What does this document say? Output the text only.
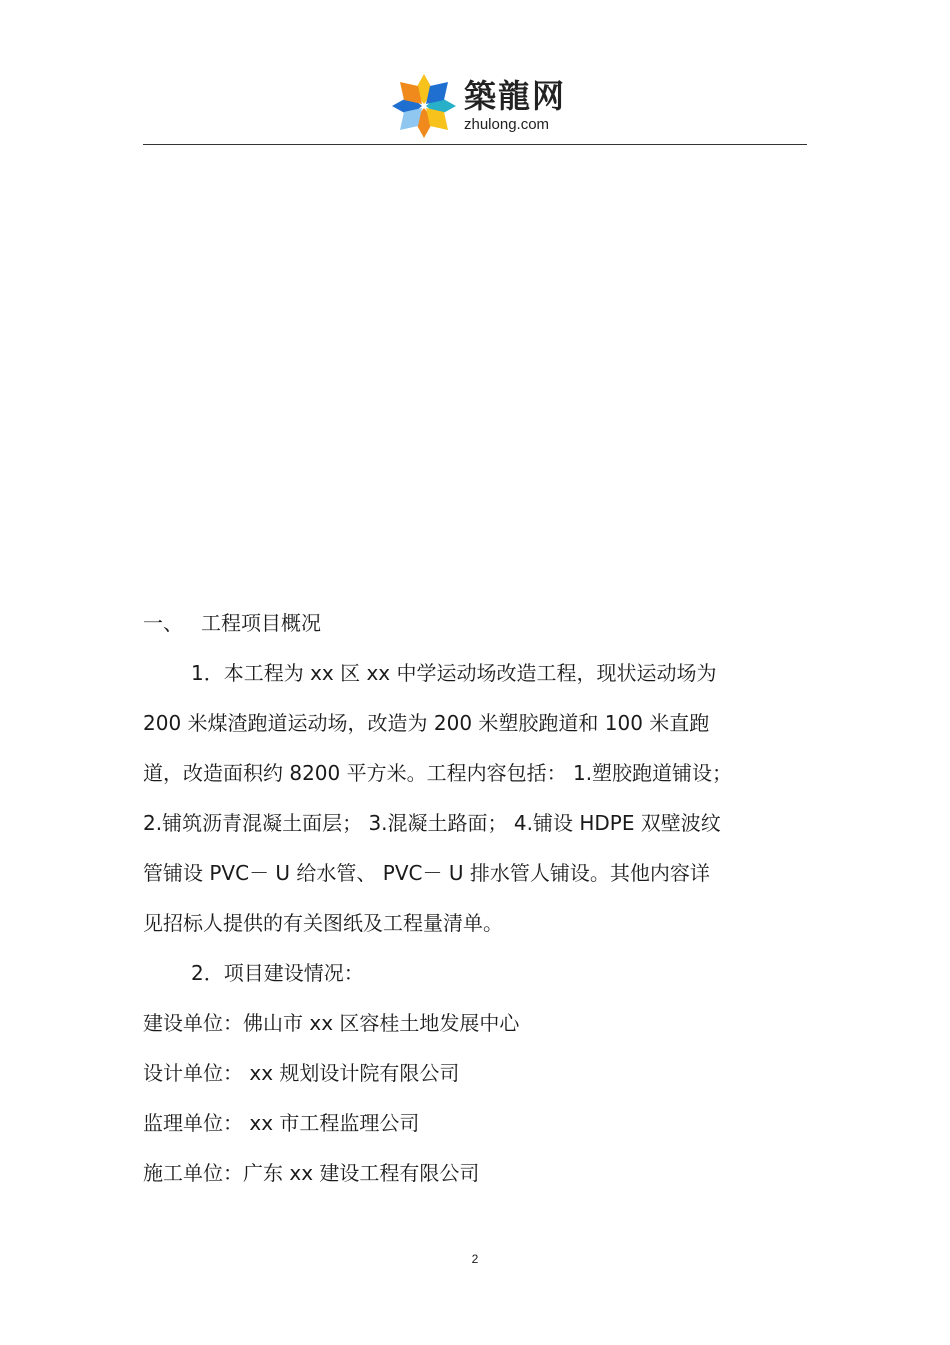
築龍网
zhulong.com
一、 工程项目概况
1．本工程为 xx 区 xx 中学运动场改造工程，现状运动场为
200 米煤渣跑道运动场，改造为 200 米塑胶跑道和 100 米直跑
道，改造面积约 8200 平方米。工程内容包括： 1.塑胶跑道铺设；
2.铺筑沥青混凝土面层； 3.混凝土路面； 4.铺设 HDPE 双壁波纹
管铺设 PVC－ U 给水管、 PVC－ U 排水管人铺设。其他内容详
见招标人提供的有关图纸及工程量清单。
2．项目建设情况：
建设单位：佛山市 xx 区容桂土地发展中心
设计单位： xx 规划设计院有限公司
监理单位： xx 市工程监理公司
施工单位：广东 xx 建设工程有限公司
2
